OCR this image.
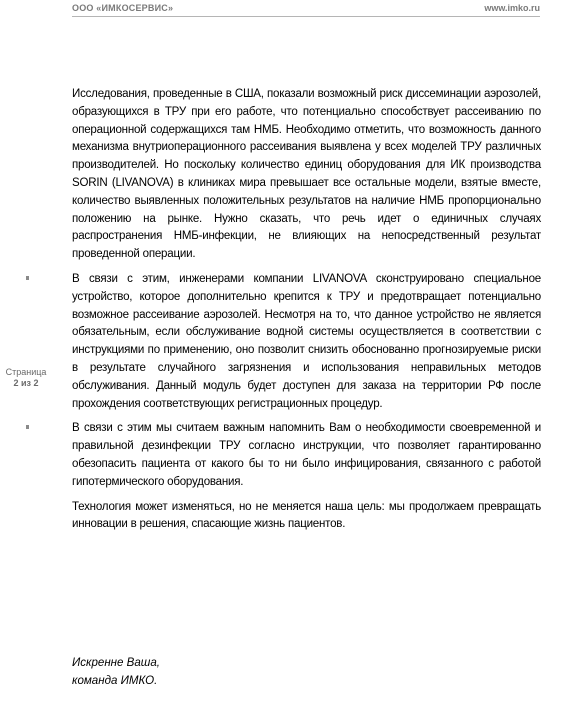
ООО «ИМКОСЕРВИС»	www.imko.ru
Страница
2 из 2

Исследования, проведенные в США, показали возможный риск диссеминации аэрозолей, образующихся в ТРУ при его работе, что потенциально способствует рассеиванию по операционной содержащихся там НМБ. Необходимо отметить, что возможность данного механизма внутриоперационного рассеивания выявлена у всех моделей ТРУ различных производителей. Но поскольку количество единиц оборудования для ИК производства SORIN (LIVANOVA) в клиниках мира превышает все остальные модели, взятые вместе, количество выявленных положительных результатов на наличие НМБ пропорционально положению на рынке. Нужно сказать, что речь идет о единичных случаях распространения НМБ-инфекции, не влияющих на непосредственный результат проведенной операции.

В связи с этим, инженерами компании LIVANOVA сконструировано специальное устройство, которое дополнительно крепится к ТРУ и предотвращает потенциально возможное рассеивание аэрозолей. Несмотря на то, что данное устройство не является обязательным, если обслуживание водной системы осуществляется в соответствии с инструкциями по применению, оно позволит снизить обоснованно прогнозируемые риски в результате случайного загрязнения и использования неправильных методов обслуживания. Данный модуль будет доступен для заказа на территории РФ после прохождения соответствующих регистрационных процедур.
В связи с этим мы считаем важным напомнить Вам о необходимости своевременной и правильной дезинфекции ТРУ согласно инструкции, что позволяет гарантированно обезопасить пациента от какого бы то ни было инфицирования, связанного с работой гипотермического оборудования.

Технология может изменяться, но не меняется наша цель: мы продолжаем превращать инновации в решения, спасающие жизнь пациентов.

Искренне Ваша,
команда ИМКО.
